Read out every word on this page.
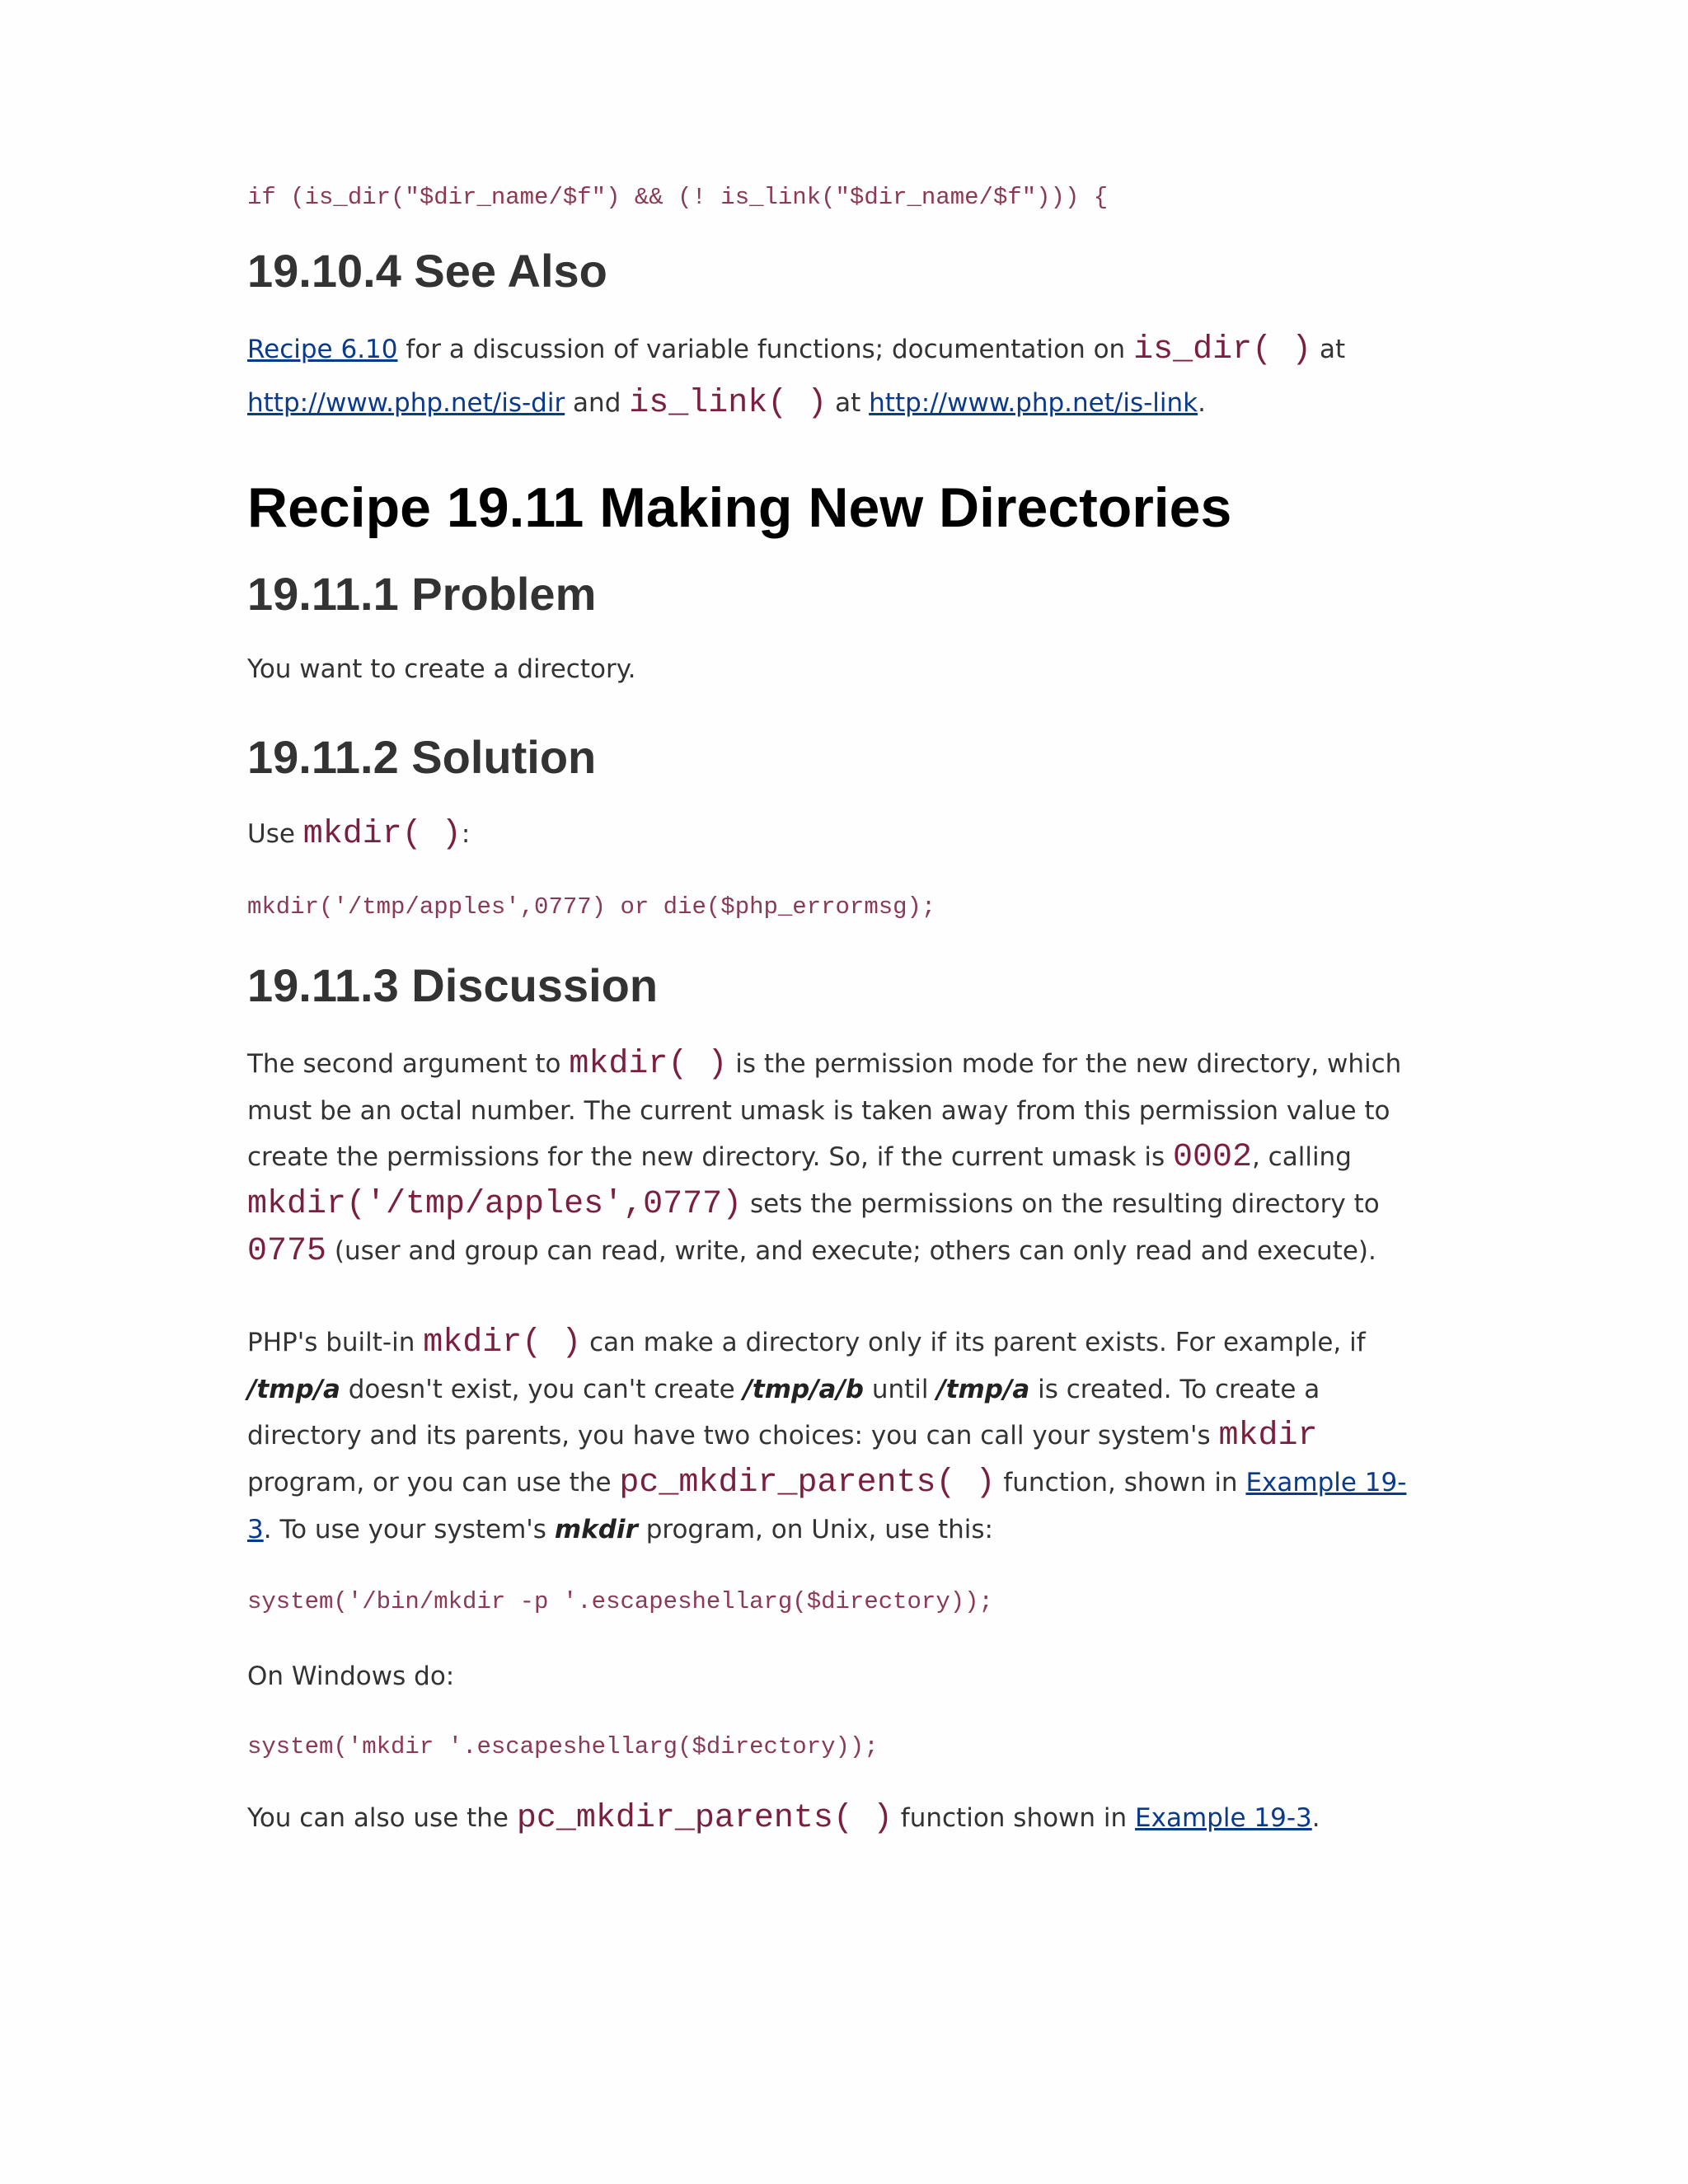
if (is_dir("$dir_name/$f") && (! is_link("$dir_name/$f"))) {
19.10.4 See Also

Recipe 6.10 for a discussion of variable functions; documentation on is_dir( ) at
http://www.php.net/is-dir and is_link( ) at http://www.php.net/is-link.

Recipe 19.11 Making New Directories
19.11.1 Problem

You want to create a directory.

19.11.2 Solution

Use mkdir( ):

mkdir('/tmp/apples',0777) or die($php_errormsg);
19.11.3 Discussion

The second argument to mkdir( ) is the permission mode for the new directory, which must be an octal number. The current umask is taken away from this permission value to create the permissions for the new directory. So, if the current umask is 0002, calling mkdir('/tmp/apples',0777) sets the permissions on the resulting directory to 0775 (user and group can read, write, and execute; others can only read and execute).

PHP's built-in mkdir( ) can make a directory only if its parent exists. For example, if /tmp/a doesn't exist, you can't create /tmp/a/b until /tmp/a is created. To create a directory and its parents, you have two choices: you can call your system's mkdir program, or you can use the pc_mkdir_parents( ) function, shown in Example 19-3. To use your system's mkdir program, on Unix, use this:

system('/bin/mkdir -p '.escapeshellarg($directory));

On Windows do:

system('mkdir '.escapeshellarg($directory));

You can also use the pc_mkdir_parents( ) function shown in Example 19-3.
